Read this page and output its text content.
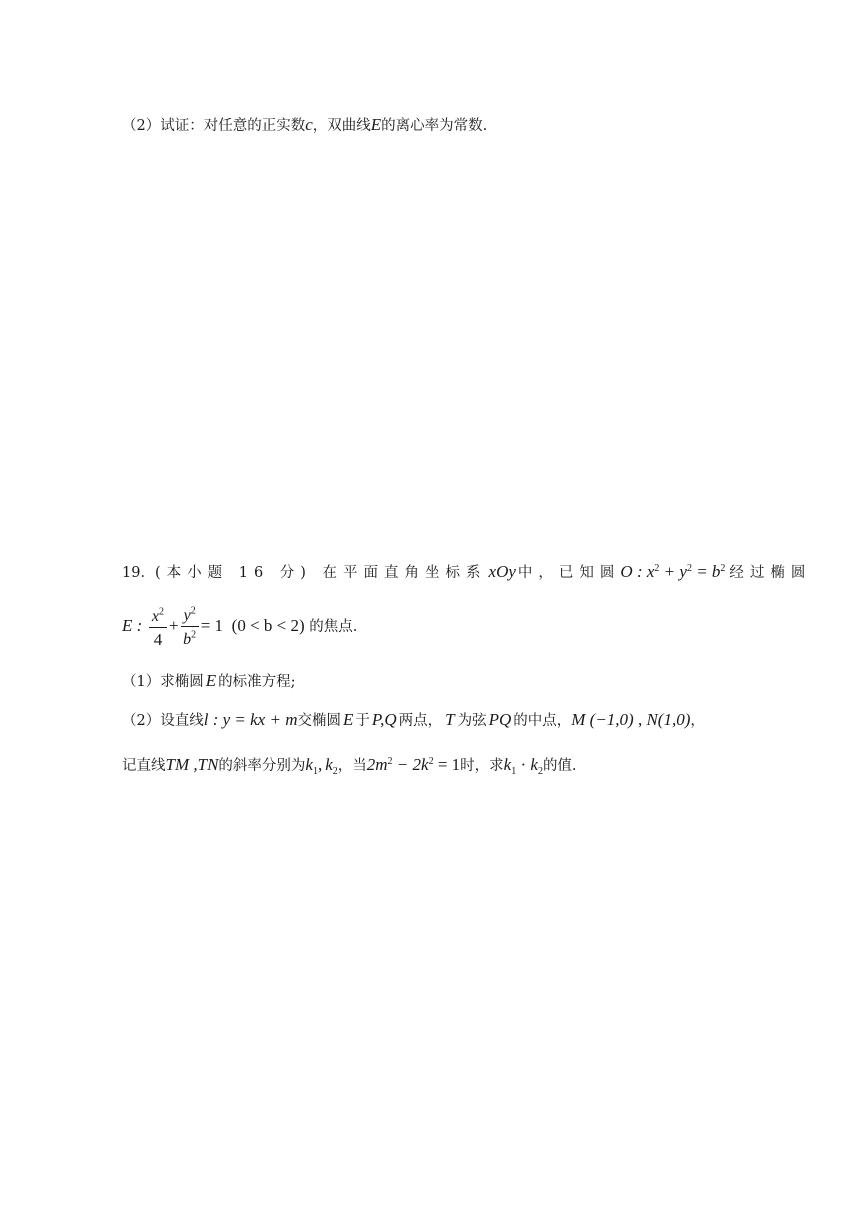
（2）试证：对任意的正实数c，双曲线E的离心率为常数.
19．(本小题 16 分) 在平面直角坐标系 xOy 中，已知圆O : $x^2 + y^2 = b^2$ 经过椭圆
E : $\frac{x^2}{4} + \frac{y^2}{b^2} = 1$ (0 < b < 2) 的焦点.
（1）求椭圆 E 的标准方程;
（2）设直线l : y = kx + m交椭圆 E 于 P,Q 两点， T 为弦 PQ 的中点，M (−1,0) , N(1,0)，
记直线TM ,TN的斜率分别为$k_1$, $k_2$，当$2m^2 - 2k^2 = 1$时，求$k_1 \cdot k_2$的值.
